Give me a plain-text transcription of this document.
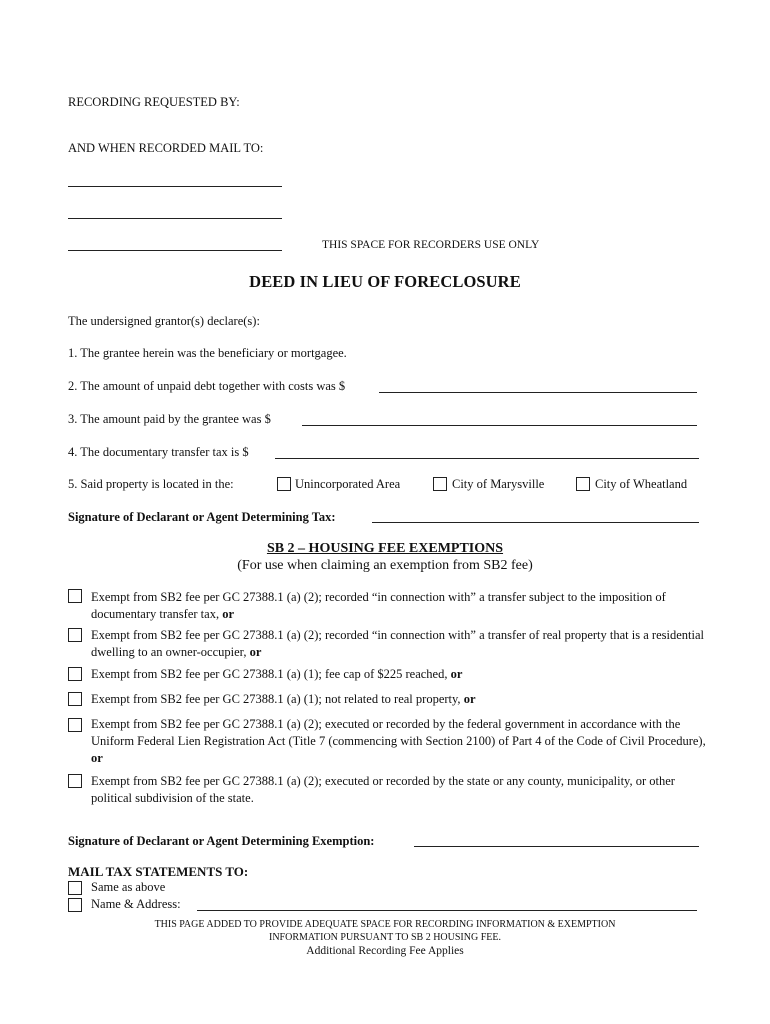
RECORDING REQUESTED BY:
AND WHEN RECORDED MAIL TO:
THIS SPACE FOR RECORDERS USE ONLY
DEED IN LIEU OF FORECLOSURE
The undersigned grantor(s) declare(s):
1. The grantee herein was the beneficiary or mortgagee.
2. The amount of unpaid debt together with costs was $
3. The amount paid by the grantee was $
4. The documentary transfer tax is $
5. Said property is located in the:	Unincorporated Area	City of Marysville	City of Wheatland
Signature of Declarant or Agent Determining Tax:
SB 2 – HOUSING FEE EXEMPTIONS
(For use when claiming an exemption from SB2 fee)
Exempt from SB2 fee per GC 27388.1 (a) (2); recorded “in connection with” a transfer subject to the imposition of documentary transfer tax, or
Exempt from SB2 fee per GC 27388.1 (a) (2); recorded “in connection with” a transfer of real property that is a residential dwelling to an owner-occupier, or
Exempt from SB2 fee per GC 27388.1 (a) (1); fee cap of $225 reached, or
Exempt from SB2 fee per GC 27388.1 (a) (1); not related to real property, or
Exempt from SB2 fee per GC 27388.1 (a) (2); executed or recorded by the federal government in accordance with the Uniform Federal Lien Registration Act (Title 7 (commencing with Section 2100) of Part 4 of the Code of Civil Procedure), or
Exempt from SB2 fee per GC 27388.1 (a) (2); executed or recorded by the state or any county, municipality, or other political subdivision of the state.
Signature of Declarant or Agent Determining Exemption:
MAIL TAX STATEMENTS TO:
Same as above
Name & Address:
THIS PAGE ADDED TO PROVIDE ADEQUATE SPACE FOR RECORDING INFORMATION & EXEMPTION
INFORMATION PURSUANT TO SB 2 HOUSING FEE.
Additional Recording Fee Applies
